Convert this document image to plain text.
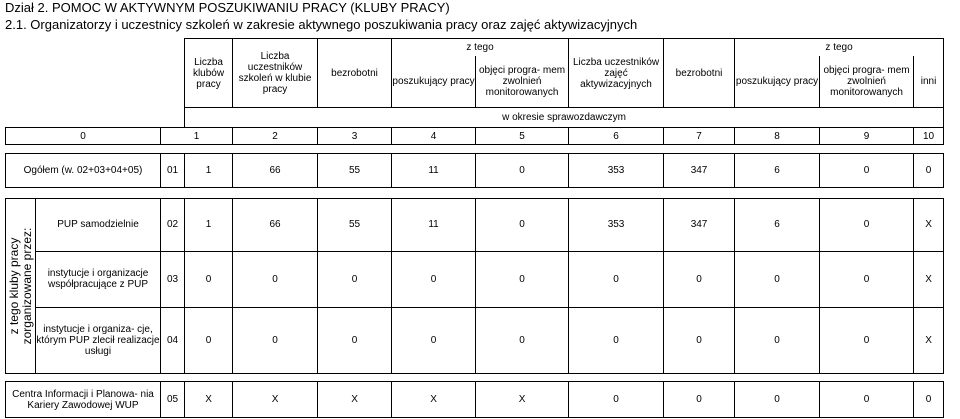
Dział 2. POMOC W AKTYWNYM POSZUKIWANIU PRACY (KLUBY PRACY)
2.1. Organizatorzy i uczestnicy szkoleń w zakresie aktywnego poszukiwania pracy oraz zajęć aktywizacyjnych
			Liczba klubów pracy	Liczba uczestników szkoleń w klubie pracy	bezrobotni	z tego		Liczba uczestników zajęć aktywizacyjnych	bezrobotni	z tego		
						poszukujący pracy	objęci progra- mem zwolnień monitorowanych			poszukujący pracy	objęci progra- mem zwolnień monitorowanych	inni
			w okresie sprawozdawczym									
0		1		2	3	4	5	6	7	8	9	10

Ogółem (w. 02+03+04+05)		01	1	66	55	11	0	353	347	6	0	0

z tego kluby pracy zorganizowane przez:	PUP samodzielnie	02	1	66	55	11	0	353	347	6	0	X
	instytucje i organizacje współpracujące z PUP	03	0	0	0	0	0	0	0	0	0	X
	instytucje i organiza- cje, którym PUP zlecił realizacje usługi	04	0	0	0	0	0	0	0	0	0	X

Centra Informacji i Planowa- nia Kariery Zawodowej WUP		05	X	X	X	X	X	0	0	0	0	0
